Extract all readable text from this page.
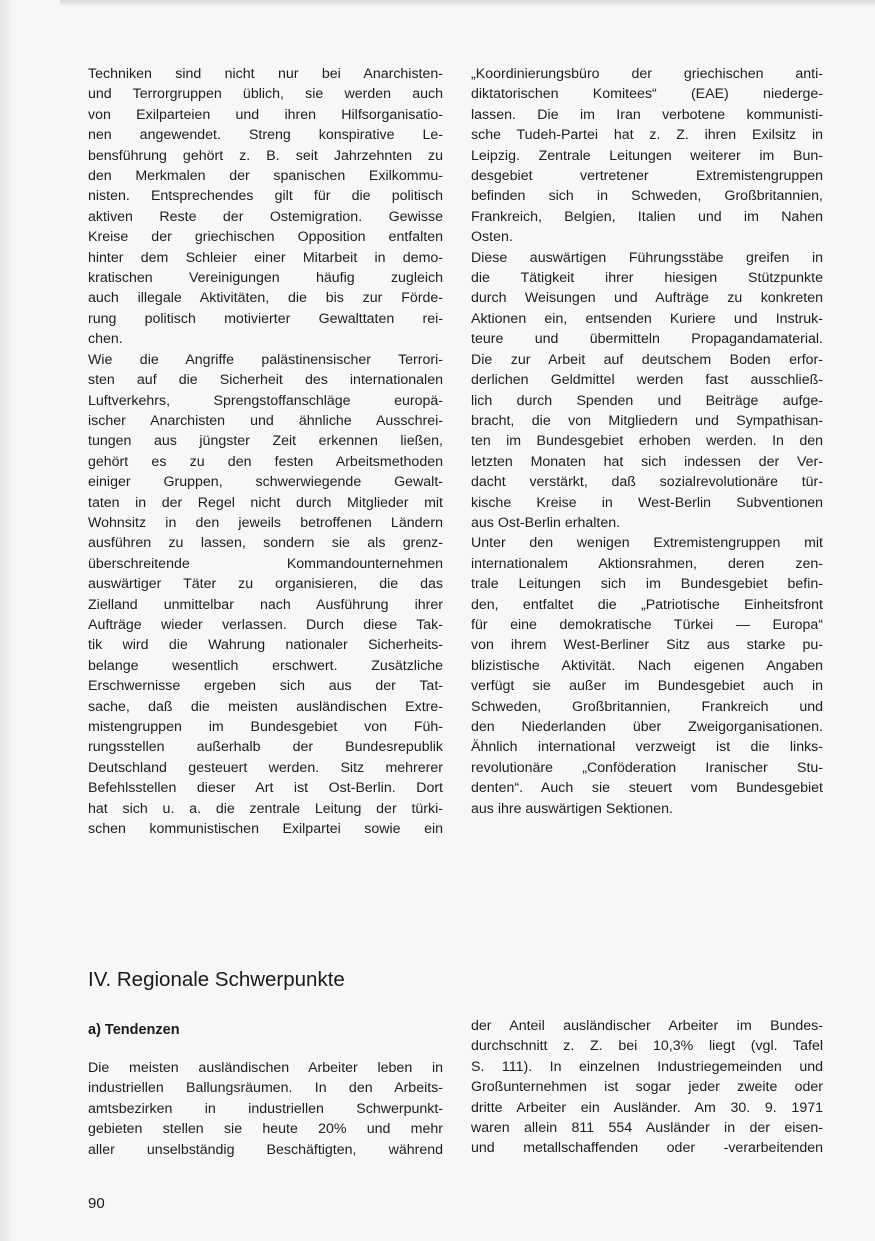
Techniken sind nicht nur bei Anarchisten-
und Terrorgruppen üblich, sie werden auch
von Exilparteien und ihren Hilfsorganisatio-
nen angewendet. Streng konspirative Le-
bensführung gehört z. B. seit Jahrzehnten zu
den Merkmalen der spanischen Exilkommu-
nisten. Entsprechendes gilt für die politisch
aktiven Reste der Ostemigration. Gewisse
Kreise der griechischen Opposition entfalten
hinter dem Schleier einer Mitarbeit in demo-
kratischen Vereinigungen häufig zugleich
auch illegale Aktivitäten, die bis zur Förde-
rung politisch motivierter Gewalttaten rei-
chen.

Wie die Angriffe palästinensischer Terrori-
sten auf die Sicherheit des internationalen
Luftverkehrs, Sprengstoffanschläge europä-
ischer Anarchisten und ähnliche Ausschrei-
tungen aus jüngster Zeit erkennen ließen,
gehört es zu den festen Arbeitsmethoden
einiger Gruppen, schwerwiegende Gewalt-
taten in der Regel nicht durch Mitglieder mit
Wohnsitz in den jeweils betroffenen Ländern
ausführen zu lassen, sondern sie als grenz-
überschreitende Kommandounternehmen
auswärtiger Täter zu organisieren, die das
Zielland unmittelbar nach Ausführung ihrer
Aufträge wieder verlassen. Durch diese Tak-
tik wird die Wahrung nationaler Sicherheits-
belange wesentlich erschwert. Zusätzliche
Erschwernisse ergeben sich aus der Tat-
sache, daß die meisten ausländischen Extre-
mistengruppen im Bundesgebiet von Füh-
rungsstellen außerhalb der Bundesrepublik
Deutschland gesteuert werden. Sitz mehrerer
Befehlsstellen dieser Art ist Ost-Berlin. Dort
hat sich u. a. die zentrale Leitung der türki-
schen kommunistischen Exilpartei sowie ein

„Koordinierungsbüro der griechischen anti-
diktatorischen Komitees“ (EAE) niederge-
lassen. Die im Iran verbotene kommunisti-
sche Tudeh-Partei hat z. Z. ihren Exilsitz in
Leipzig. Zentrale Leitungen weiterer im Bun-
desgebiet vertretener Extremistengruppen
befinden sich in Schweden, Großbritannien,
Frankreich, Belgien, Italien und im Nahen
Osten.

Diese auswärtigen Führungsstäbe greifen in
die Tätigkeit ihrer hiesigen Stützpunkte
durch Weisungen und Aufträge zu konkreten
Aktionen ein, entsenden Kuriere und Instruk-
teure und übermitteln Propagandamaterial.
Die zur Arbeit auf deutschem Boden erfor-
derlichen Geldmittel werden fast ausschließ-
lich durch Spenden und Beiträge aufge-
bracht, die von Mitgliedern und Sympathisan-
ten im Bundesgebiet erhoben werden. In den
letzten Monaten hat sich indessen der Ver-
dacht verstärkt, daß sozialrevolutionäre tür-
kische Kreise in West-Berlin Subventionen
aus Ost-Berlin erhalten.

Unter den wenigen Extremistengruppen mit
internationalem Aktionsrahmen, deren zen-
trale Leitungen sich im Bundesgebiet befin-
den, entfaltet die „Patriotische Einheitsfront
für eine demokratische Türkei — Europa“
von ihrem West-Berliner Sitz aus starke pu-
blizistische Aktivität. Nach eigenen Angaben
verfügt sie außer im Bundesgebiet auch in
Schweden, Großbritannien, Frankreich und
den Niederlanden über Zweigorganisationen.
Ähnlich international verzweigt ist die links-
revolutionäre „Conföderation Iranischer Stu-
denten“. Auch sie steuert vom Bundesgebiet
aus ihre auswärtigen Sektionen.

IV. Regionale Schwerpunkte
a) Tendenzen

Die meisten ausländischen Arbeiter leben in
industriellen Ballungsräumen. In den Arbeits-
amtsbezirken in industriellen Schwerpunkt-
gebieten stellen sie heute 20% und mehr
aller unselbständig Beschäftigten, während

der Anteil ausländischer Arbeiter im Bundes-
durchschnitt z. Z. bei 10,3% liegt (vgl. Tafel
S. 111). In einzelnen Industriegemeinden und
Großunternehmen ist sogar jeder zweite oder
dritte Arbeiter ein Ausländer. Am 30. 9. 1971
waren allein 811 554 Ausländer in der eisen-
und metallschaffenden oder -verarbeitenden

90
